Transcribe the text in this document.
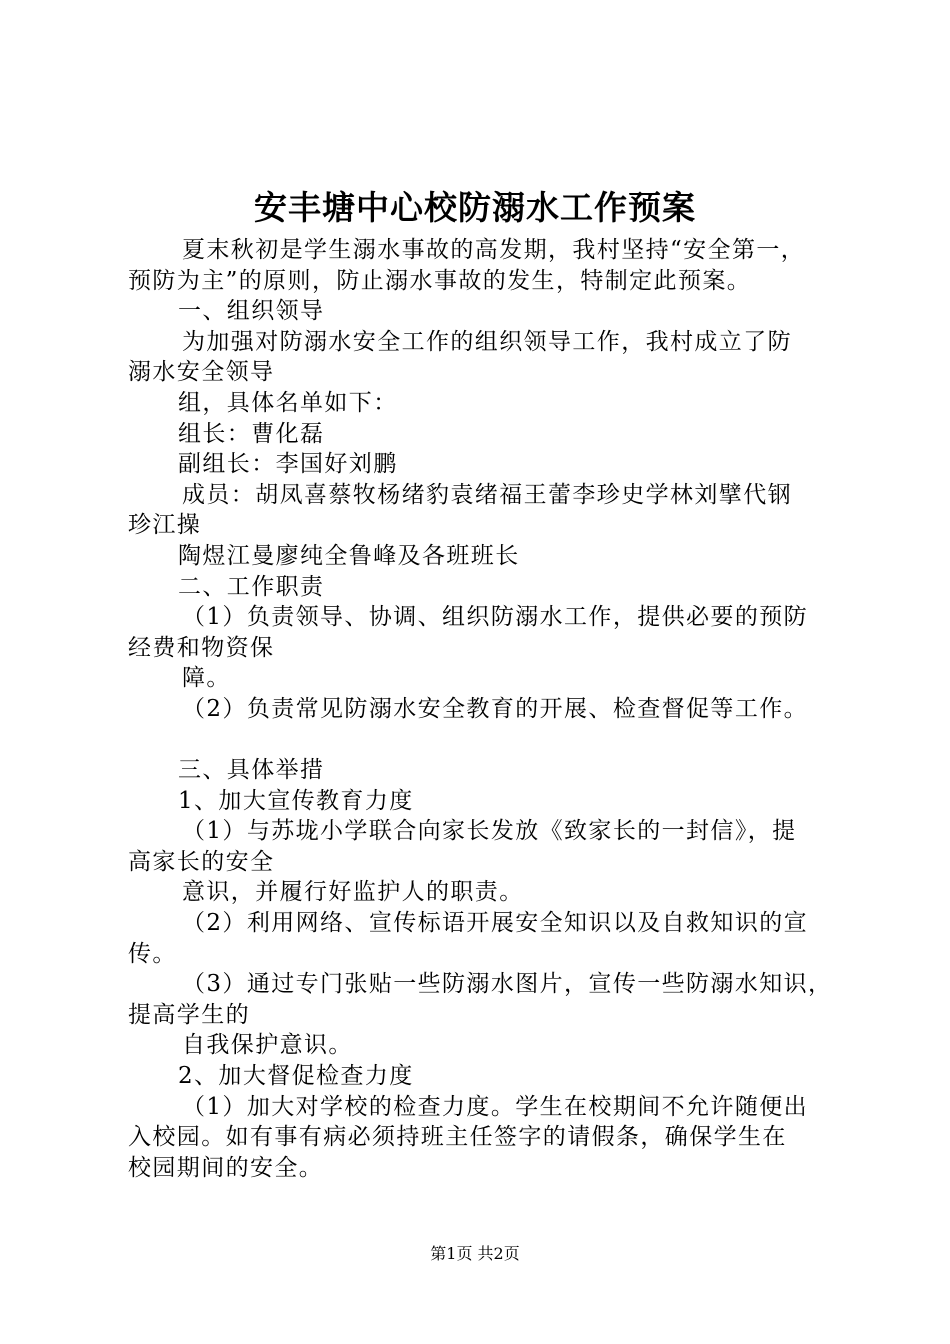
安丰塘中心校防溺水工作预案
夏末秋初是学生溺水事故的高发期，我村坚持“安全第一，
预防为主”的原则，防止溺水事故的发生，特制定此预案。
一、组织领导
为加强对防溺水安全工作的组织领导工作，我村成立了防
溺水安全领导
组，具体名单如下：
组长：曹化磊
副组长：李国好刘鹏
成员：胡凤喜蔡牧杨绪豹袁绪福王蕾李珍史学林刘擘代钢
珍江操
陶煜江曼廖纯全鲁峰及各班班长
二、工作职责
（1）负责领导、协调、组织防溺水工作，提供必要的预防
经费和物资保
障。
（2）负责常见防溺水安全教育的开展、检查督促等工作。
三、具体举措
1、加大宣传教育力度
（1）与苏垅小学联合向家长发放《致家长的一封信》，提
高家长的安全
意识，并履行好监护人的职责。
（2）利用网络、宣传标语开展安全知识以及自救知识的宣
传。
（3）通过专门张贴一些防溺水图片，宣传一些防溺水知识，
提高学生的
自我保护意识。
2、加大督促检查力度
（1）加大对学校的检查力度。学生在校期间不允许随便出
入校园。如有事有病必须持班主任签字的请假条，确保学生在
校园期间的安全。
第1页 共2页
